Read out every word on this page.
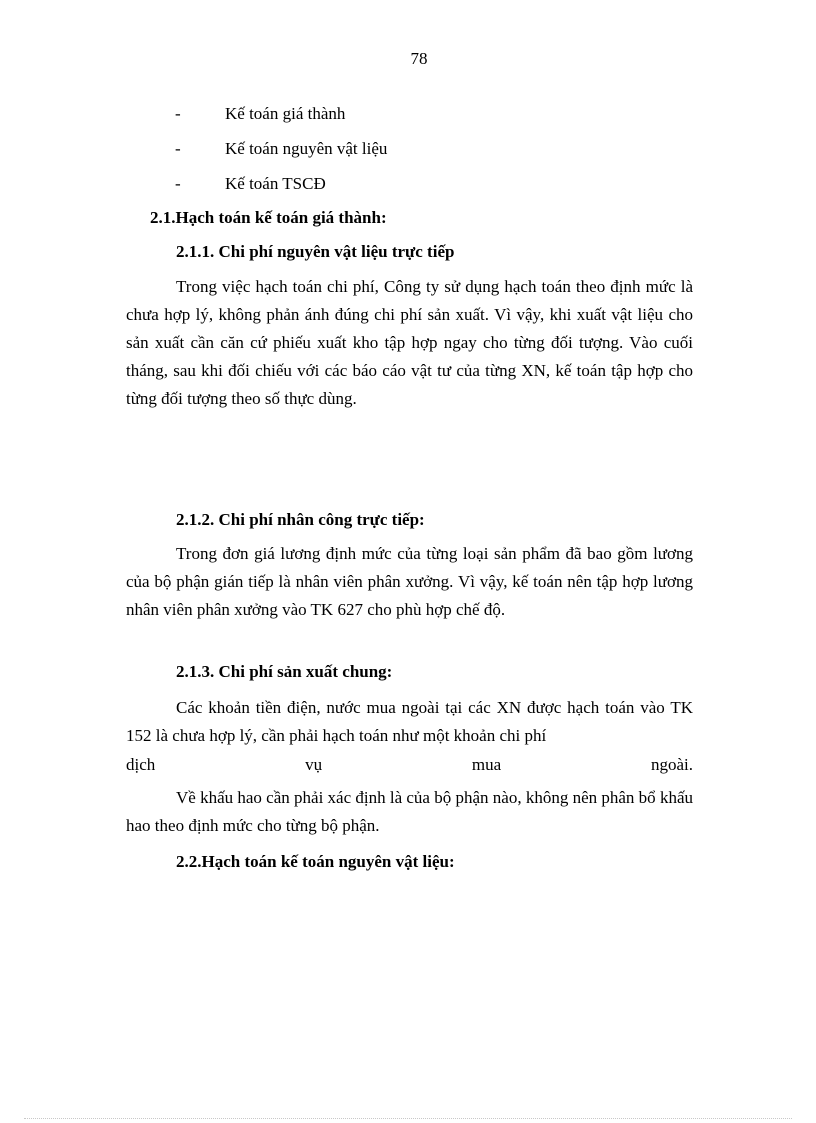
78
-	Kế toán giá thành
-	Kế toán nguyên vật liệu
-	Kế toán TSCĐ
2.1.Hạch toán kế toán giá thành:
2.1.1. Chi phí nguyên vật liệu trực tiếp

Trong việc hạch toán chi phí, Công ty sử dụng hạch toán theo định mức là chưa hợp lý, không phản ánh đúng chi phí sản xuất. Vì vậy, khi xuất vật liệu cho sản xuất cần căn cứ phiếu xuất kho tập hợp ngay cho từng đối tượng. Vào cuối tháng, sau khi đối chiếu với các báo cáo vật tư của từng XN, kế toán tập hợp cho từng đối tượng theo số thực dùng.

2.1.2. Chi phí nhân công trực tiếp:

Trong đơn giá lương định mức của từng loại sản phẩm đã bao gồm lương của bộ phận gián tiếp là nhân viên phân xưởng. Vì vậy, kế toán nên tập hợp lương nhân viên phân xưởng vào TK 627 cho phù hợp chế độ.

2.1.3. Chi phí sản xuất chung:

Các khoản tiền điện, nước mua ngoài tại các XN được hạch toán vào TK 152 là chưa hợp lý, cần phải hạch toán như một khoản chi phí

dịch	vụ	mua	ngoài.

Về khấu hao cần phải xác định là của bộ phận nào, không nên phân bổ khấu hao theo định mức cho từng bộ phận.

2.2.Hạch toán kế toán nguyên vật liệu:
